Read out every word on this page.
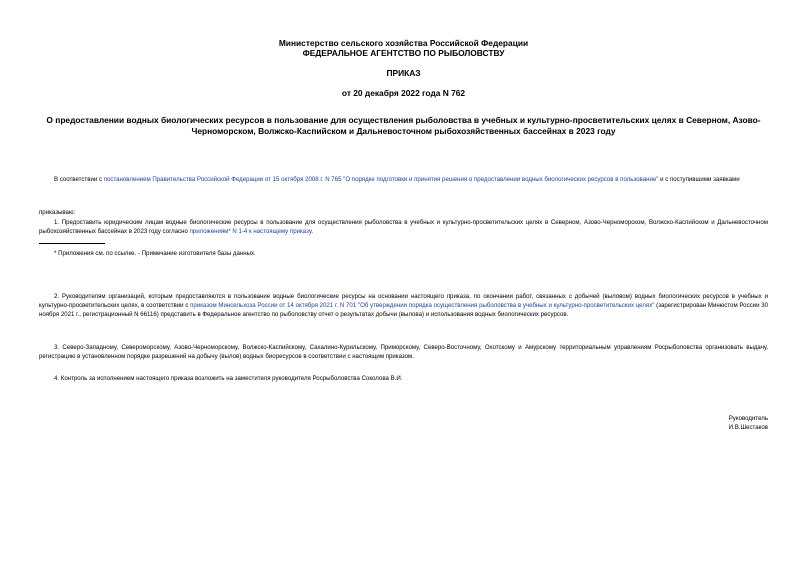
Министерство сельского хозяйства Российской Федерации
ФЕДЕРАЛЬНОЕ АГЕНТСТВО ПО РЫБОЛОВСТВУ
ПРИКАЗ
от 20 декабря 2022 года N 762
О предоставлении водных биологических ресурсов в пользование для осуществления рыболовства в учебных и культурно-просветительских целях в Северном, Азово-Черноморском, Волжско-Каспийском и Дальневосточном рыбохозяйственных бассейнах в 2023 году
В соответствии с постановлением Правительства Российской Федерации от 15 октября 2008 г. N 765 "О порядке подготовки и принятия решения о предоставлении водных биологических ресурсов в пользование" и с поступившими заявками
приказываю:
1. Предоставить юридическим лицам водные биологические ресурсы в пользование для осуществления рыболовства в учебных и культурно-просветительских целях в Северном, Азово-Черноморском, Волжско-Каспийском и Дальневосточном рыбохозяйственных бассейнах в 2023 году согласно приложениям* N 1-4 к настоящему приказу.
* Приложения см. по ссылке. - Примечание изготовителя базы данных.
2. Руководителям организаций, которым предоставляются в пользование водные биологические ресурсы на основании настоящего приказа, по окончании работ, связанных с добычей (выловом) водных биологических ресурсов в учебных и культурно-просветительских целях, в соответствии с приказом Минсельхоза России от 14 октября 2021 г. N 701 "Об утверждении порядка осуществления рыболовства в учебных и культурно-просветительских целях" (зарегистрирован Минюстом России 30 ноября 2021 г., регистрационный N 66116) представить в Федеральное агентство по рыболовству отчет о результатах добычи (вылова) и использования водных биологических ресурсов.
3. Северо-Западному, Североморскому, Азово-Черноморскому, Волжско-Каспийскому, Сахалино-Курильскому, Приморскому, Северо-Восточному, Охотскому и Амурскому территориальным управлениям Росрыболовства организовать выдачу, регистрацию в установленном порядке разрешений на добычу (вылов) водных биоресурсов в соответствии с настоящим приказом.
4. Контроль за исполнением настоящего приказа возложить на заместителя руководителя Росрыболовства Соколова В.И.
Руководитель
И.В.Шестаков
